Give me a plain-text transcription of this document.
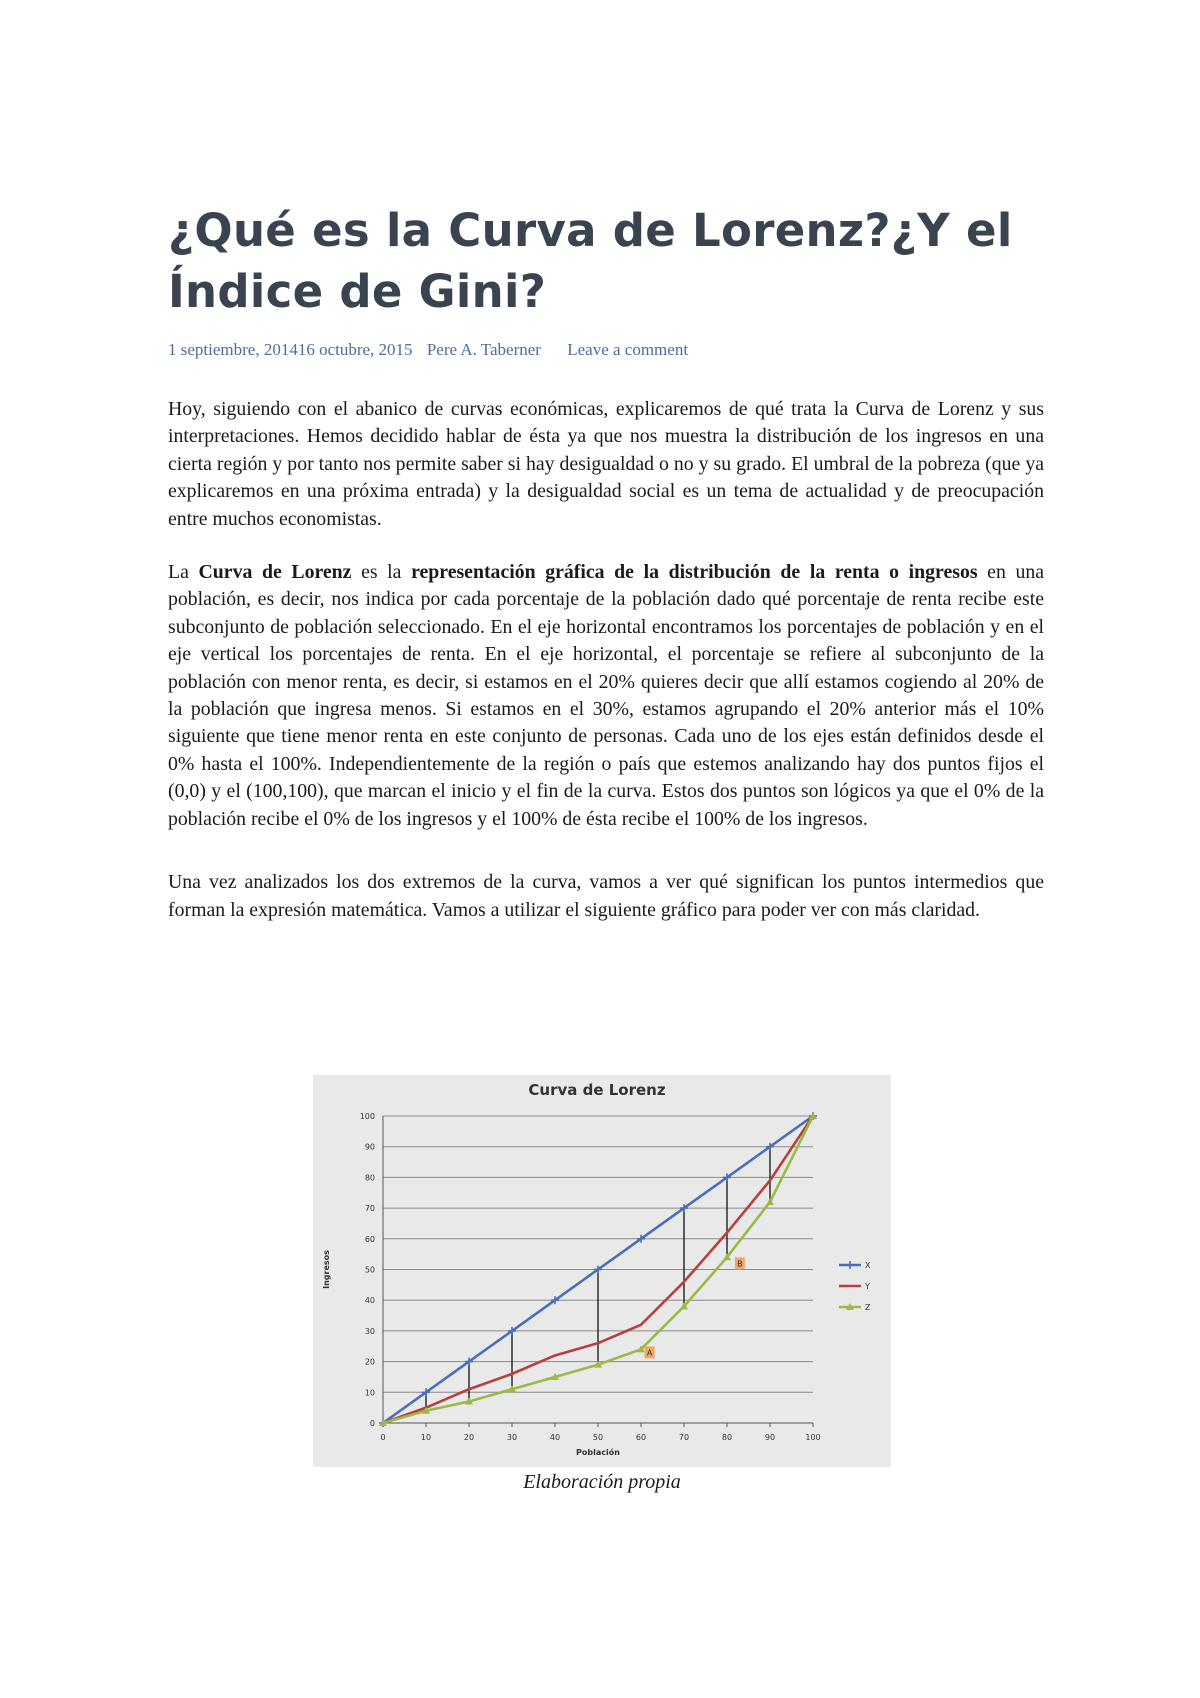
¿Qué es la Curva de Lorenz?¿Y el
Índice de Gini?
1 septiembre, 201416 octubre, 2015 Pere A. Taberner Leave a comment

Hoy, siguiendo con el abanico de curvas económicas, explicaremos de qué trata la Curva de Lorenz y sus interpretaciones. Hemos decidido hablar de ésta ya que nos muestra la distribución de los ingresos en una cierta región y por tanto nos permite saber si hay desigualdad o no y su grado. El umbral de la pobreza (que ya explicaremos en una próxima entrada) y la desigualdad social es un tema de actualidad y de preocupación entre muchos economistas.

La Curva de Lorenz es la representación gráfica de la distribución de la renta o ingresos en una población, es decir, nos indica por cada porcentaje de la población dado qué porcentaje de renta recibe este subconjunto de población seleccionado. En el eje horizontal encontramos los porcentajes de población y en el eje vertical los porcentajes de renta. En el eje horizontal, el porcentaje se refiere al subconjunto de la población con menor renta, es decir, si estamos en el 20% quieres decir que allí estamos cogiendo al 20% de la población que ingresa menos. Si estamos en el 30%, estamos agrupando el 20% anterior más el 10% siguiente que tiene menor renta en este conjunto de personas. Cada uno de los ejes están definidos desde el 0% hasta el 100%. Independientemente de la región o país que estemos analizando hay dos puntos fijos el (0,0) y el (100,100), que marcan el inicio y el fin de la curva. Estos dos puntos son lógicos ya que el 0% de la población recibe el 0% de los ingresos y el 100% de ésta recibe el 100% de los ingresos.

Una vez analizados los dos extremos de la curva, vamos a ver qué significan los puntos intermedios que forman la expresión matemática. Vamos a utilizar el siguiente gráfico para poder ver con más claridad.

Curva de Lorenz
0
10
20
30
40
50
60
70
80
90
100
0	10	20	30	40	50	60	70	80	90	100
Población
Ingresos
A
B	X
Y
Z
Elaboración propia
